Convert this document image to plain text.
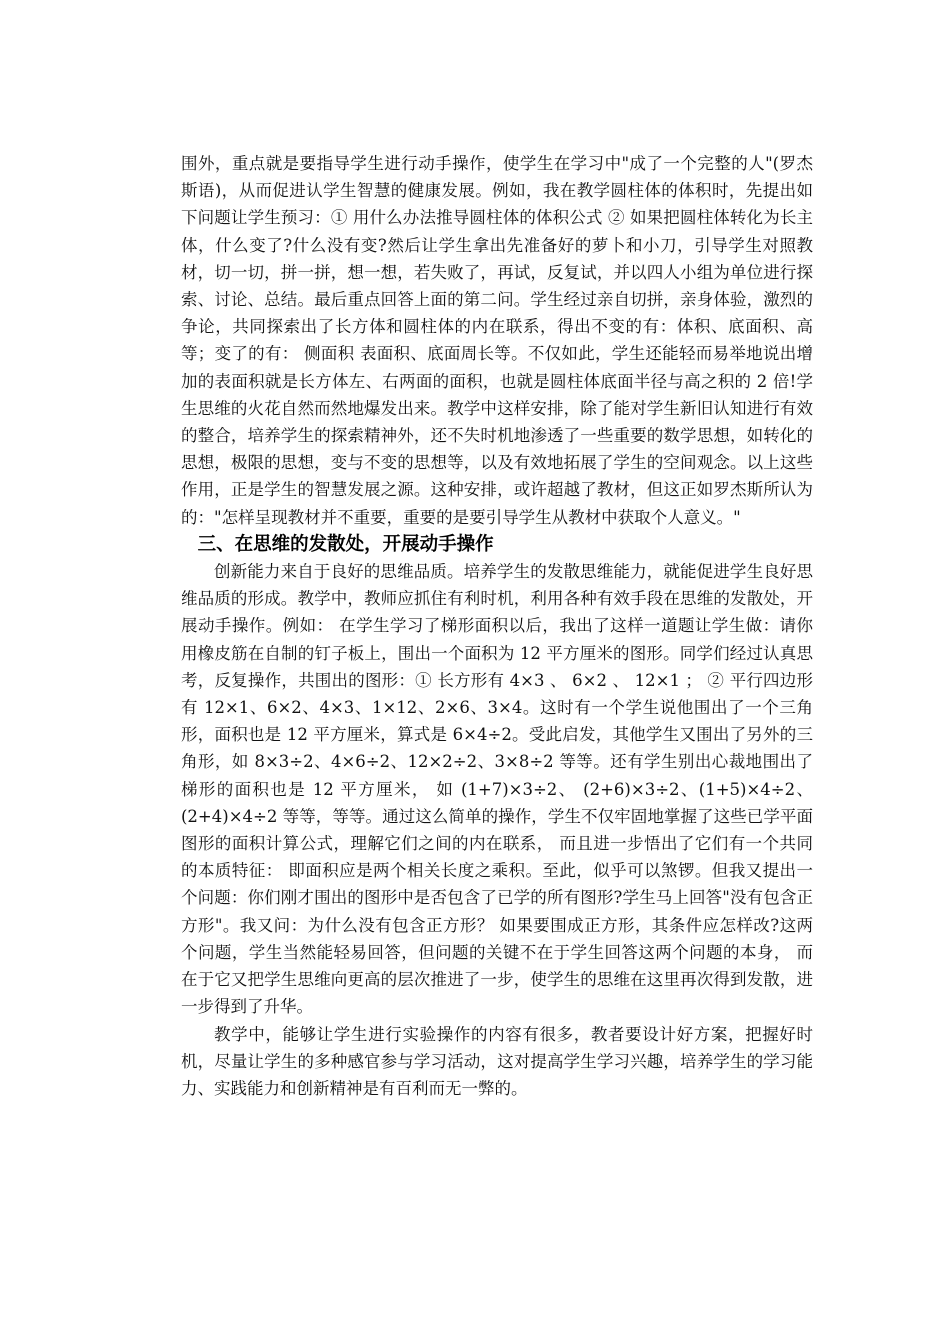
围外，重点就是要指导学生进行动手操作，使学生在学习中"成了一个完整的人"(罗杰斯语)，从而促进认学生智慧的健康发展。例如，我在教学圆柱体的体积时，先提出如下问题让学生预习：① 用什么办法推导圆柱体的体积公式 ② 如果把圆柱体转化为长主体，什么变了?什么没有变?然后让学生拿出先准备好的萝卜和小刀，引导学生对照教材，切一切，拼一拼，想一想，若失败了，再试，反复试，并以四人小组为单位进行探索、讨论、总结。最后重点回答上面的第二问。学生经过亲自切拼，亲身体验，激烈的争论，共同探索出了长方体和圆柱体的内在联系，得出不变的有：体积、底面积、高等；变了的有： 侧面积 表面积、底面周长等。不仅如此，学生还能轻而易举地说出增加的表面积就是长方体左、右两面的面积，也就是圆柱体底面半径与高之积的 2 倍!学生思维的火花自然而然地爆发出来。教学中这样安排，除了能对学生新旧认知进行有效的整合，培养学生的探索精神外，还不失时机地渗透了一些重要的数学思想，如转化的思想，极限的思想，变与不变的思想等，以及有效地拓展了学生的空间观念。以上这些作用，正是学生的智慧发展之源。这种安排，或许超越了教材，但这正如罗杰斯所认为的："怎样呈现教材并不重要，重要的是要引导学生从教材中获取个人意义。"

三、在思维的发散处，开展动手操作

创新能力来自于良好的思维品质。培养学生的发散思维能力，就能促进学生良好思维品质的形成。教学中，教师应抓住有利时机，利用各种有效手段在思维的发散处，开展动手操作。例如： 在学生学习了梯形面积以后，我出了这样一道题让学生做：请你用橡皮筋在自制的钉子板上，围出一个面积为 12 平方厘米的图形。同学们经过认真思考，反复操作，共围出的图形：① 长方形有 4×3 、 6×2 、 12×1 ； ② 平行四边形有 12×1、6×2、4×3、1×12、2×6、3×4。这时有一个学生说他围出了一个三角形，面积也是 12 平方厘米，算式是 6×4÷2。受此启发，其他学生又围出了另外的三角形，如 8×3÷2、4×6÷2、12×2÷2、3×8÷2 等等。还有学生别出心裁地围出了梯形的面积也是 12 平方厘米， 如 (1+7)×3÷2、 (2+6)×3÷2、(1+5)×4÷2、(2+4)×4÷2 等等，等等。通过这么简单的操作，学生不仅牢固地掌握了这些已学平面图形的面积计算公式，理解它们之间的内在联系， 而且进一步悟出了它们有一个共同的本质特征： 即面积应是两个相关长度之乘积。至此，似乎可以煞锣。但我又提出一个问题：你们刚才围出的图形中是否包含了已学的所有图形?学生马上回答"没有包含正方形"。我又问：为什么没有包含正方形？ 如果要围成正方形，其条件应怎样改?这两个问题，学生当然能轻易回答，但问题的关键不在于学生回答这两个问题的本身， 而在于它又把学生思维向更高的层次推进了一步，使学生的思维在这里再次得到发散，进一步得到了升华。

教学中，能够让学生进行实验操作的内容有很多，教者要设计好方案，把握好时机，尽量让学生的多种感官参与学习活动，这对提高学生学习兴趣，培养学生的学习能力、实践能力和创新精神是有百利而无一弊的。
